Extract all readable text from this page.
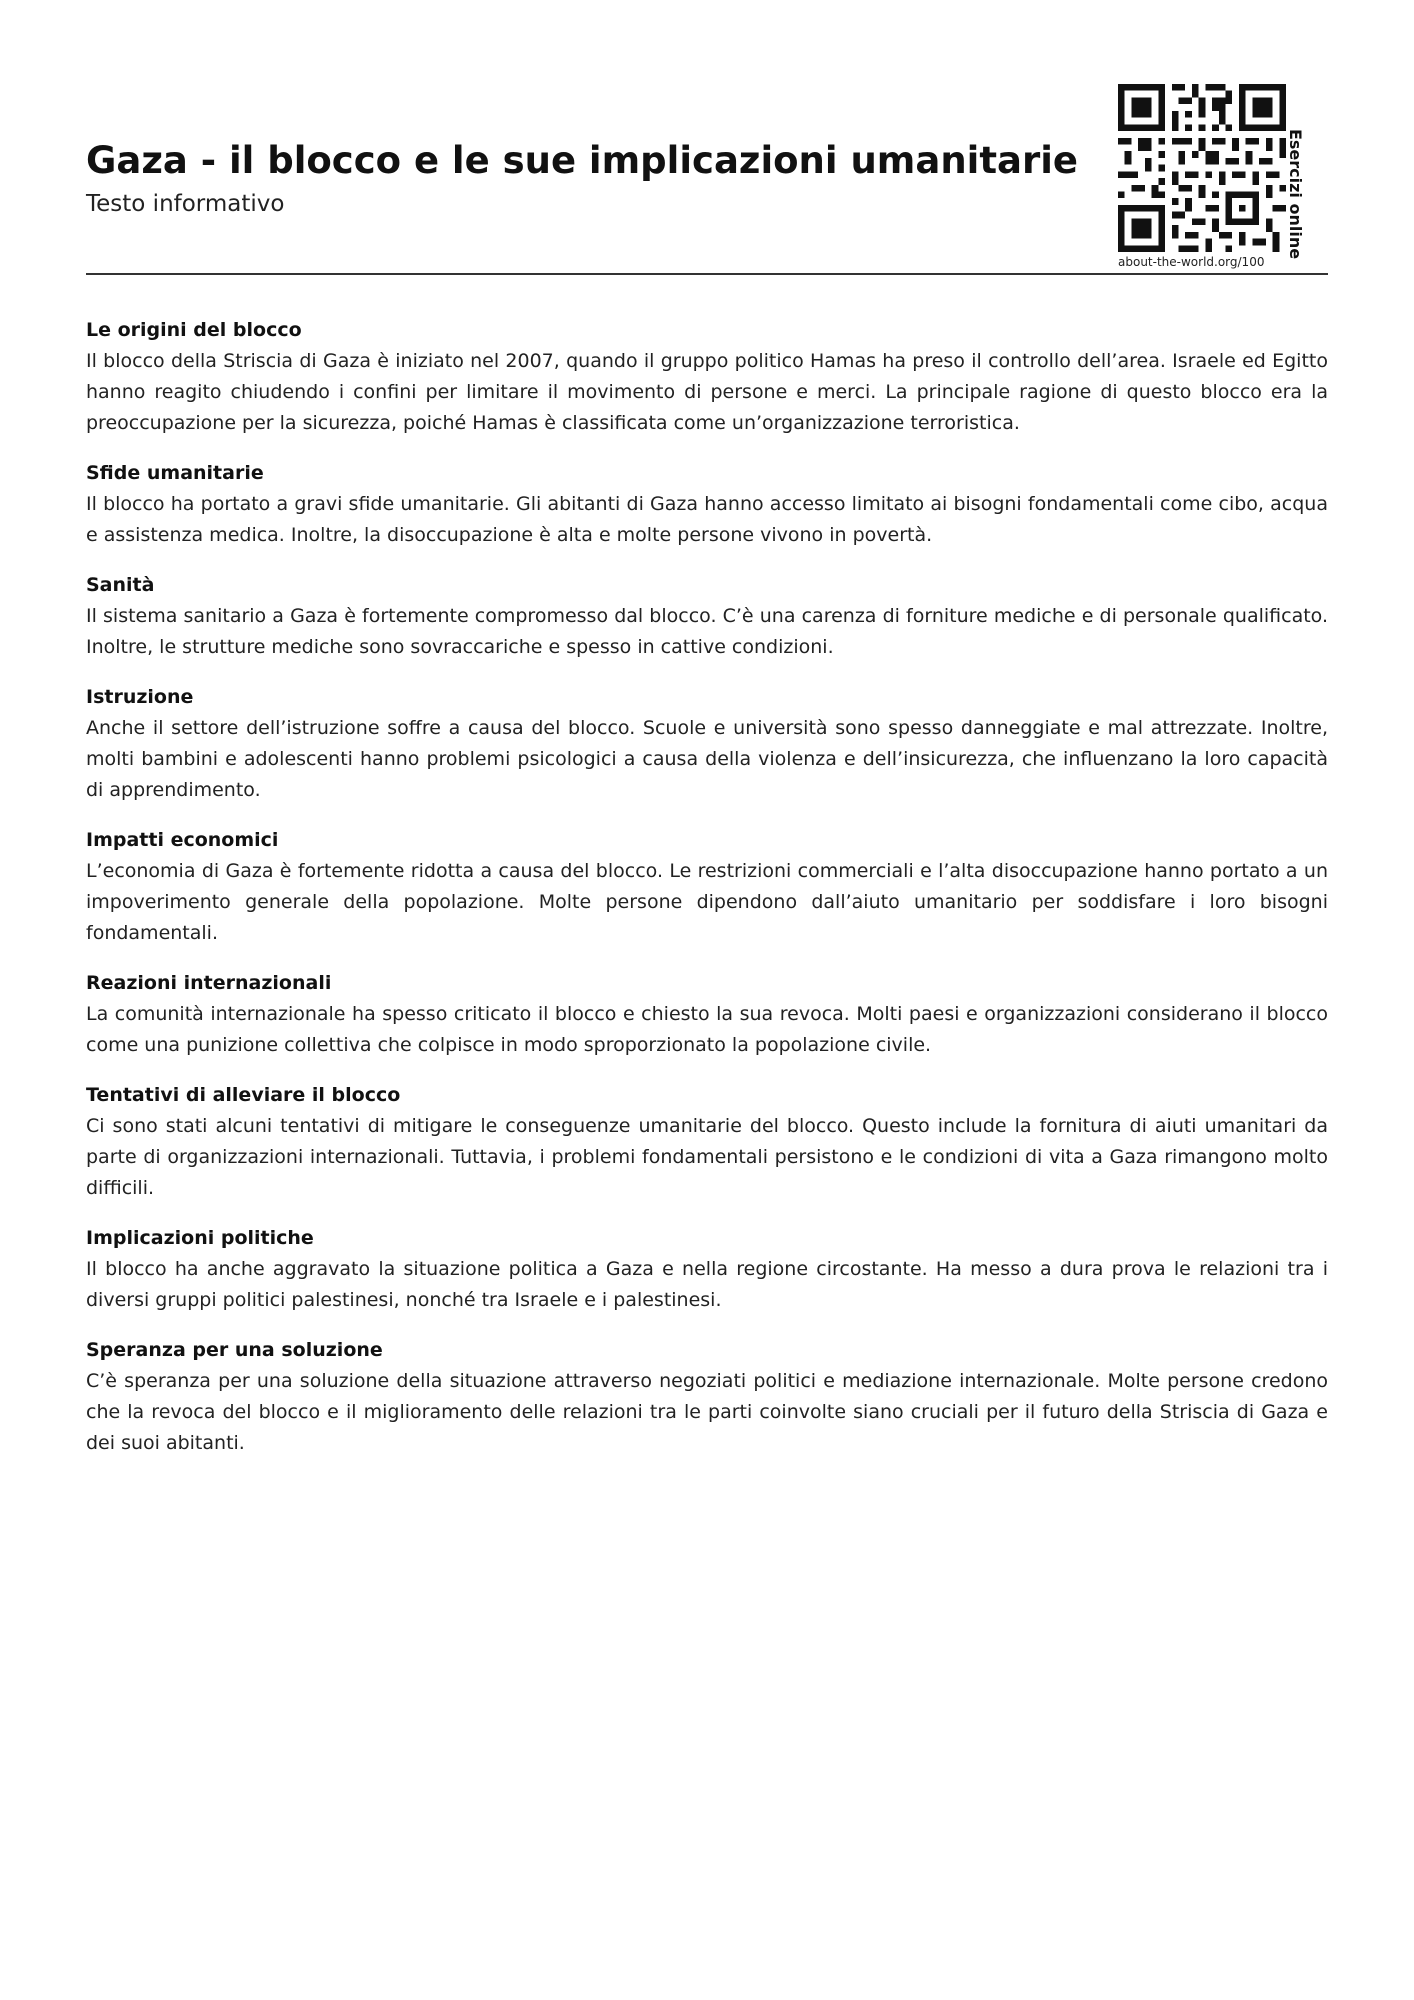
Gaza - il blocco e le sue implicazioni umanitarie
Testo informativo
about-the-world.org/100
Esercizi online
Le origini del blocco

Il blocco della Striscia di Gaza è iniziato nel 2007, quando il gruppo politico Hamas ha preso il controllo dell’area. Israele ed Egitto hanno reagito chiudendo i confini per limitare il movimento di persone e merci. La principale ragione di questo blocco era la preoccupazione per la sicurezza, poiché Hamas è classificata come un’organizzazione terroristica.

Sfide umanitarie

Il blocco ha portato a gravi sfide umanitarie. Gli abitanti di Gaza hanno accesso limitato ai bisogni fondamentali come cibo, acqua e assistenza medica. Inoltre, la disoccupazione è alta e molte persone vivono in povertà.

Sanità

Il sistema sanitario a Gaza è fortemente compromesso dal blocco. C’è una carenza di forniture mediche e di personale qualificato. Inoltre, le strutture mediche sono sovraccariche e spesso in cattive condizioni.

Istruzione

Anche il settore dell’istruzione soffre a causa del blocco. Scuole e università sono spesso danneggiate e mal attrezzate. Inoltre, molti bambini e adolescenti hanno problemi psicologici a causa della violenza e dell’insicurezza, che influenzano la loro capacità di apprendimento.

Impatti economici

L’economia di Gaza è fortemente ridotta a causa del blocco. Le restrizioni commerciali e l’alta disoccupazione hanno portato a un impoverimento generale della popolazione. Molte persone dipendono dall’aiuto umanitario per soddisfare i loro bisogni fondamentali.

Reazioni internazionali

La comunità internazionale ha spesso criticato il blocco e chiesto la sua revoca. Molti paesi e organizzazioni considerano il blocco come una punizione collettiva che colpisce in modo sproporzionato la popolazione civile.

Tentativi di alleviare il blocco

Ci sono stati alcuni tentativi di mitigare le conseguenze umanitarie del blocco. Questo include la fornitura di aiuti umanitari da parte di organizzazioni internazionali. Tuttavia, i problemi fondamentali persistono e le condizioni di vita a Gaza rimangono molto difficili.

Implicazioni politiche

Il blocco ha anche aggravato la situazione politica a Gaza e nella regione circostante. Ha messo a dura prova le relazioni tra i diversi gruppi politici palestinesi, nonché tra Israele e i palestinesi.

Speranza per una soluzione

C’è speranza per una soluzione della situazione attraverso negoziati politici e mediazione internazionale. Molte persone credono che la revoca del blocco e il miglioramento delle relazioni tra le parti coinvolte siano cruciali per il futuro della Striscia di Gaza e dei suoi abitanti.
